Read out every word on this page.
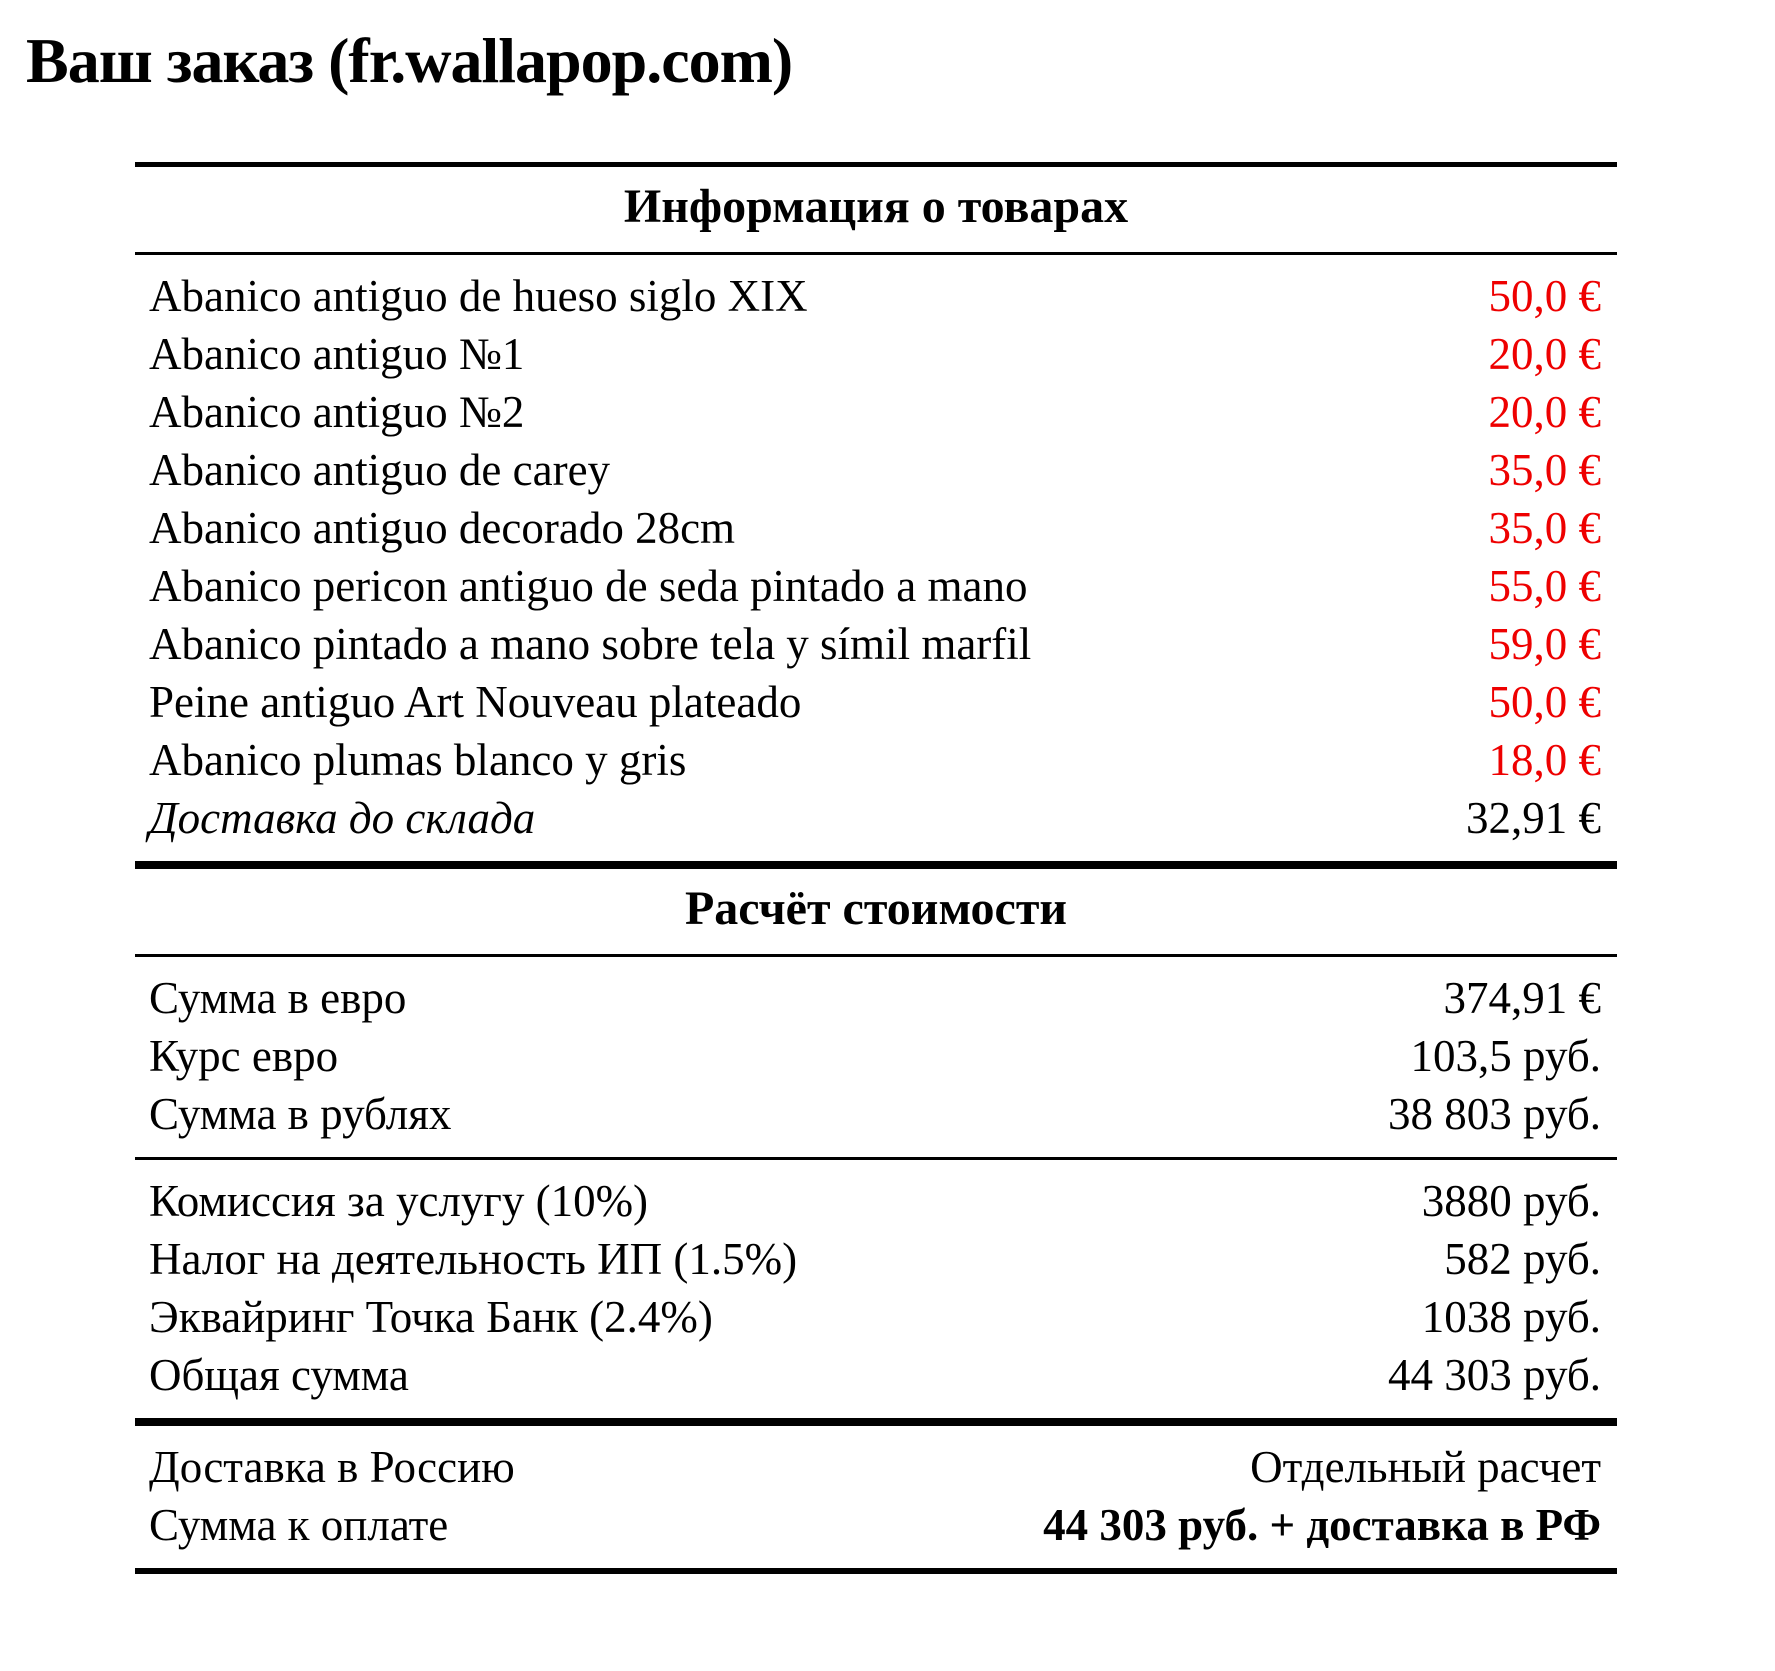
Ваш заказ (fr.wallapop.com)
Информация о товарах
Abanico antiguo de hueso siglo XIX	50,0 €
Abanico antiguo №1	20,0 €
Abanico antiguo №2	20,0 €
Abanico antiguo de carey	35,0 €
Abanico antiguo decorado 28cm	35,0 €
Abanico pericon antiguo de seda pintado a mano	55,0 €
Abanico pintado a mano sobre tela y símil marfil	59,0 €
Peine antiguo Art Nouveau plateado	50,0 €
Abanico plumas blanco y gris	18,0 €
Доставка до склада	32,91 €
Расчёт стоимости
Сумма в евро	374,91 €
Курс евро	103,5 руб.
Сумма в рублях	38 803 руб.
Комиссия за услугу (10%)	3880 руб.
Налог на деятельность ИП (1.5%)	582 руб.
Эквайринг Точка Банк (2.4%)	1038 руб.
Общая сумма	44 303 руб.
Доставка в Россию	Отдельный расчет
Сумма к оплате	44 303 руб. + доставка в РФ
